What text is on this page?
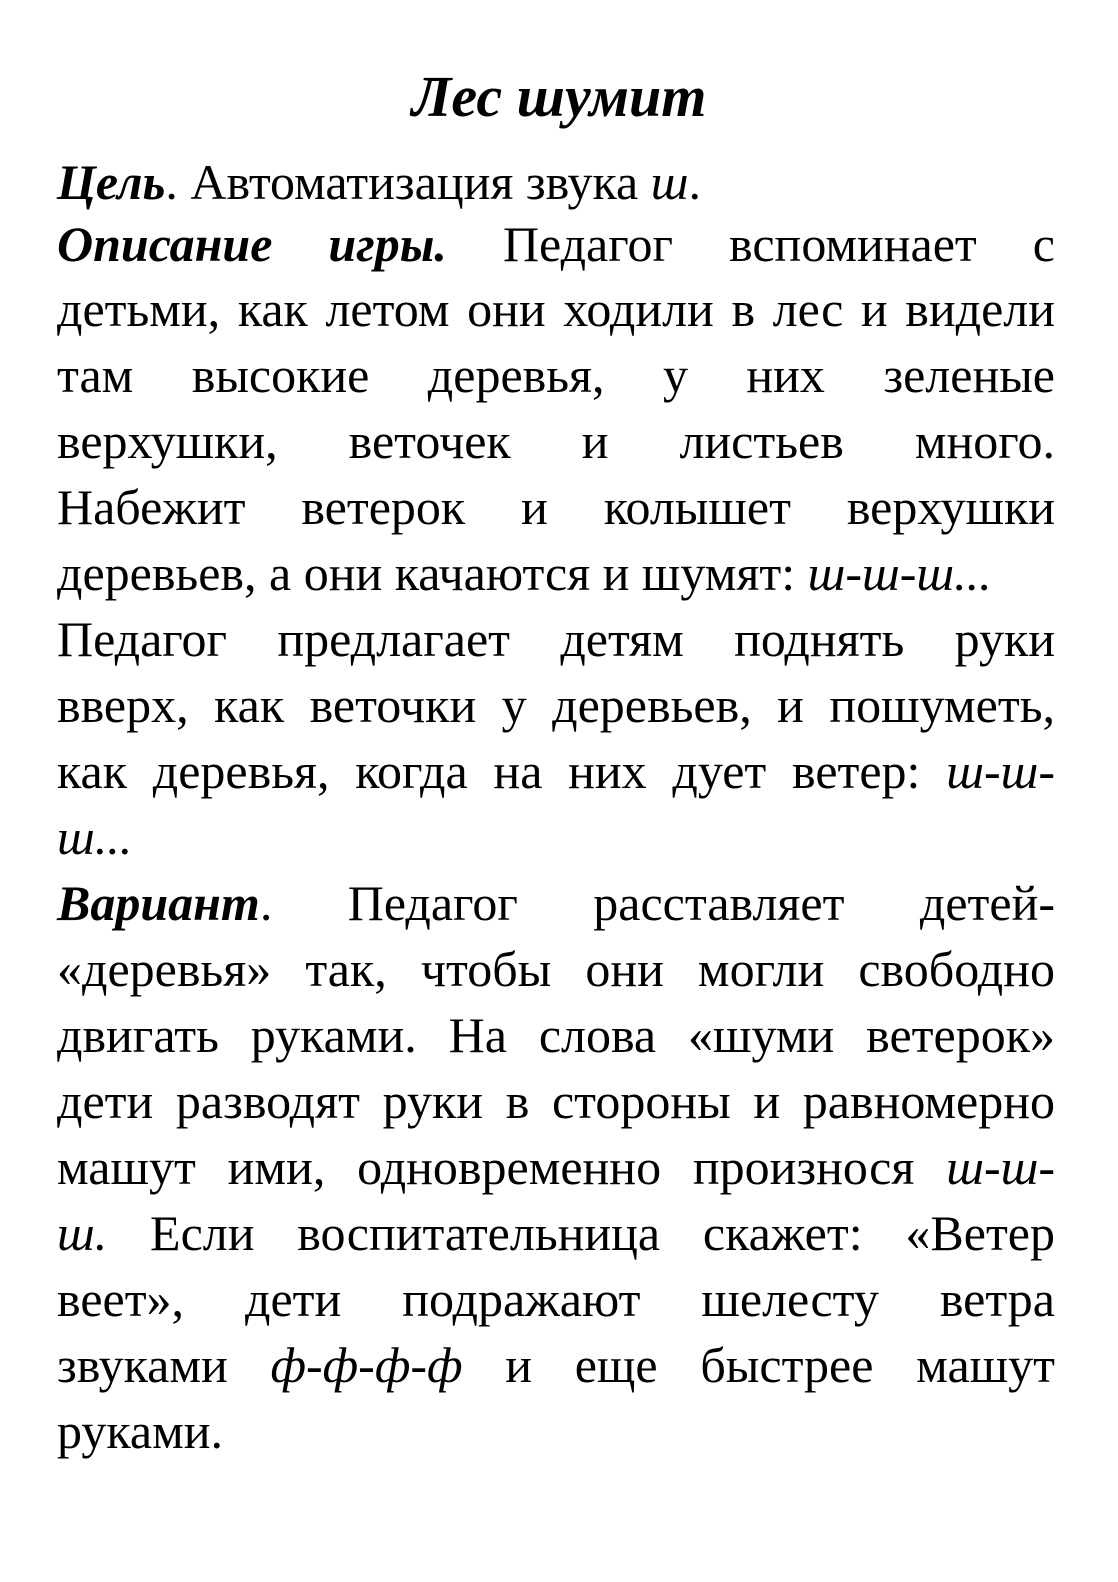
Лес шумит
Цель. Автоматизация звука ш.
Описание игры. Педагог вспоминает с
детьми, как летом они ходили в лес и видели
там высокие деревья, у них зеленые
верхушки, веточек и листьев много.
Набежит ветерок и колышет верхушки
деревьев, а они качаются и шумят: ш-ш-ш...
Педагог предлагает детям поднять руки
вверх, как веточки у деревьев, и пошуметь,
как деревья, когда на них дует ветер: ш-ш-
ш...
Вариант. Педагог расставляет детей-
«деревья» так, чтобы они могли свободно
двигать руками. На слова «шуми ветерок»
дети разводят руки в стороны и равномерно
машут ими, одновременно произнося ш-ш-
ш. Если воспитательница скажет: «Ветер
веет», дети подражают шелесту ветра
звуками ф-ф-ф-ф и еще быстрее машут
руками.
